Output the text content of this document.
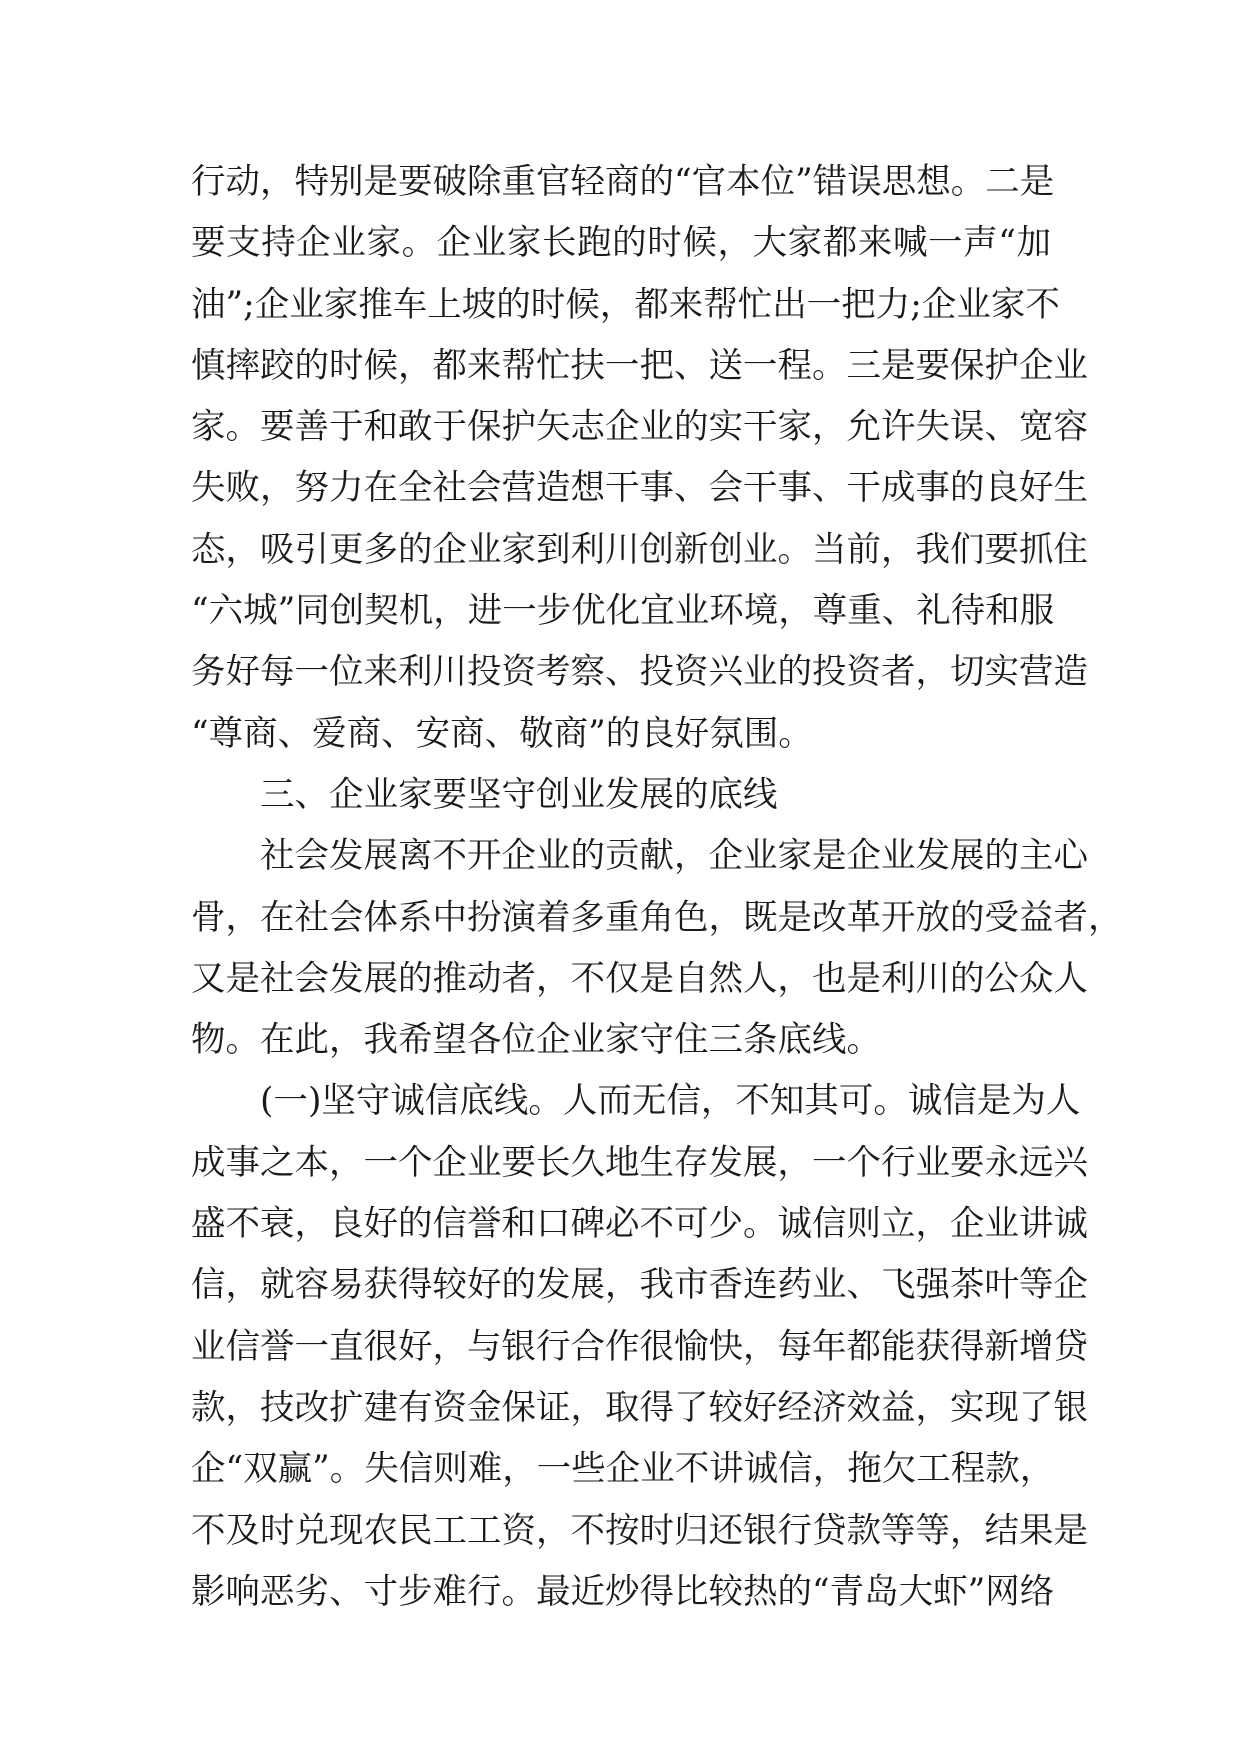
行动，特别是要破除重官轻商的“官本位”错误思想。二是
要支持企业家。企业家长跑的时候，大家都来喊一声“加
油”;企业家推车上坡的时候，都来帮忙出一把力;企业家不
慎摔跤的时候，都来帮忙扶一把、送一程。三是要保护企业
家。要善于和敢于保护矢志企业的实干家，允许失误、宽容
失败，努力在全社会营造想干事、会干事、干成事的良好生
态，吸引更多的企业家到利川创新创业。当前，我们要抓住
“六城”同创契机，进一步优化宜业环境，尊重、礼待和服
务好每一位来利川投资考察、投资兴业的投资者，切实营造
“尊商、爱商、安商、敬商”的良好氛围。
三、企业家要坚守创业发展的底线
社会发展离不开企业的贡献，企业家是企业发展的主心
骨，在社会体系中扮演着多重角色，既是改革开放的受益者，
又是社会发展的推动者，不仅是自然人，也是利川的公众人
物。在此，我希望各位企业家守住三条底线。
(一)坚守诚信底线。人而无信，不知其可。诚信是为人
成事之本，一个企业要长久地生存发展，一个行业要永远兴
盛不衰，良好的信誉和口碑必不可少。诚信则立，企业讲诚
信，就容易获得较好的发展，我市香连药业、飞强茶叶等企
业信誉一直很好，与银行合作很愉快，每年都能获得新增贷
款，技改扩建有资金保证，取得了较好经济效益，实现了银
企“双赢”。失信则难，一些企业不讲诚信，拖欠工程款，
不及时兑现农民工工资，不按时归还银行贷款等等，结果是
影响恶劣、寸步难行。最近炒得比较热的“青岛大虾”网络
